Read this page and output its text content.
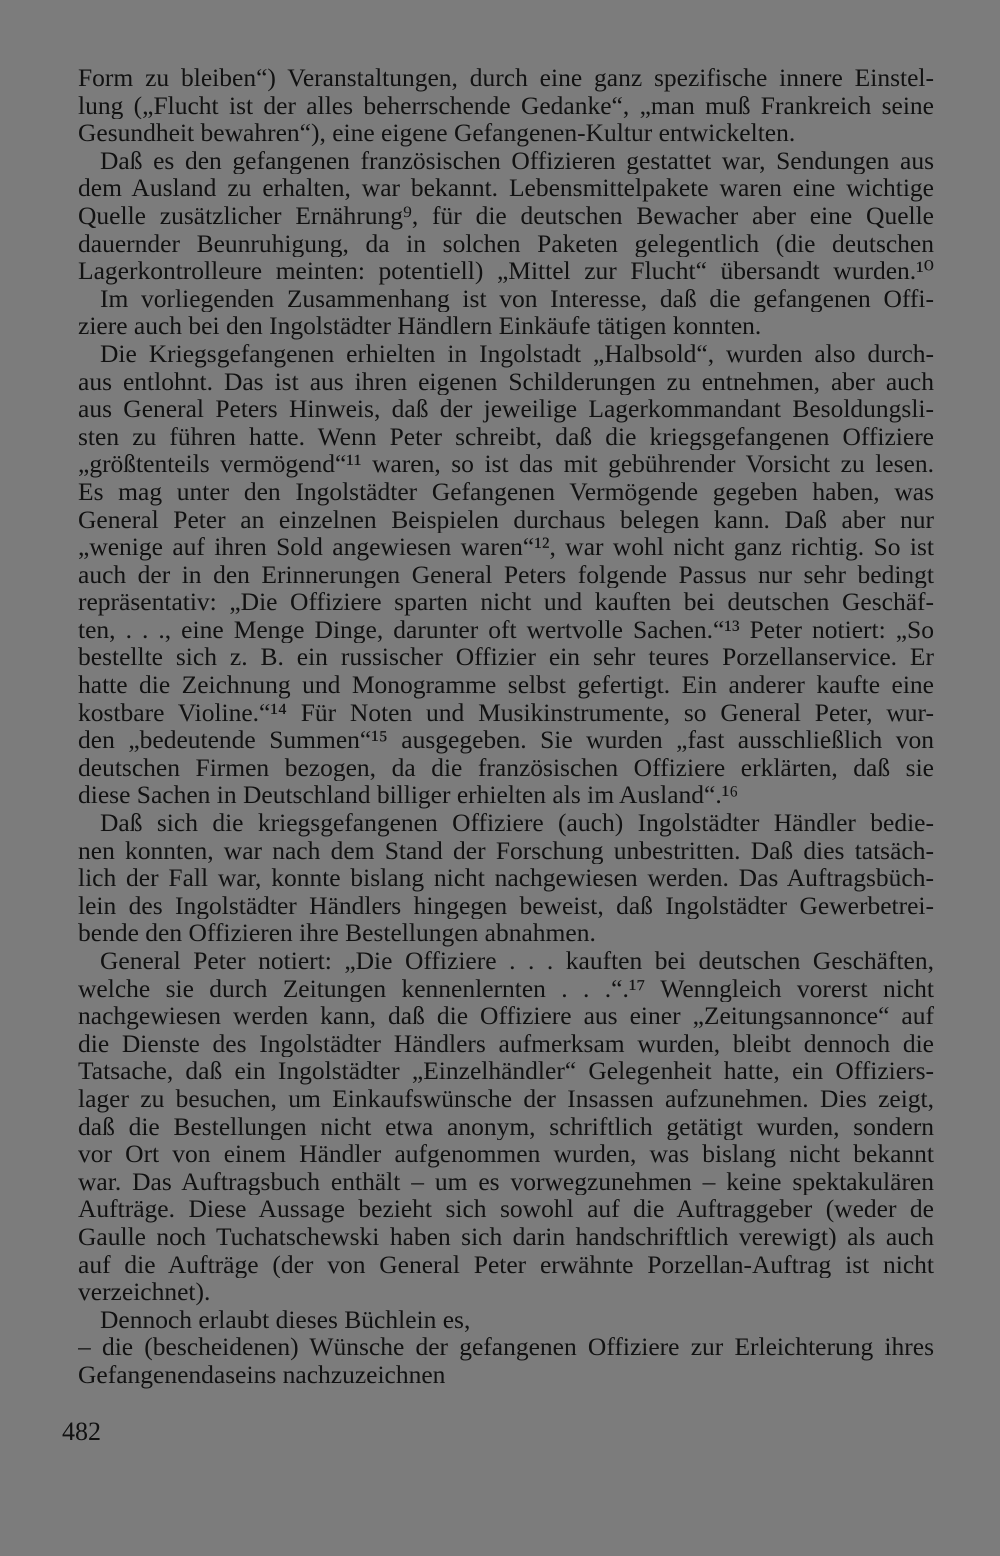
Form zu bleiben“) Veranstaltungen, durch eine ganz spezifische innere Einstel-
lung („Flucht ist der alles beherrschende Gedanke“, „man muß Frankreich seine
Gesundheit bewahren“), eine eigene Gefangenen-Kultur entwickelten.
Daß es den gefangenen französischen Offizieren gestattet war, Sendungen aus
dem Ausland zu erhalten, war bekannt. Lebensmittelpakete waren eine wichtige
Quelle zusätzlicher Ernährung⁹, für die deutschen Bewacher aber eine Quelle
dauernder Beunruhigung, da in solchen Paketen gelegentlich (die deutschen
Lagerkontrolleure meinten: potentiell) „Mittel zur Flucht“ übersandt wurden.¹⁰
Im vorliegenden Zusammenhang ist von Interesse, daß die gefangenen Offi-
ziere auch bei den Ingolstädter Händlern Einkäufe tätigen konnten.
Die Kriegsgefangenen erhielten in Ingolstadt „Halbsold“, wurden also durch-
aus entlohnt. Das ist aus ihren eigenen Schilderungen zu entnehmen, aber auch
aus General Peters Hinweis, daß der jeweilige Lagerkommandant Besoldungsli-
sten zu führen hatte. Wenn Peter schreibt, daß die kriegsgefangenen Offiziere
„größtenteils vermögend“¹¹ waren, so ist das mit gebührender Vorsicht zu lesen.
Es mag unter den Ingolstädter Gefangenen Vermögende gegeben haben, was
General Peter an einzelnen Beispielen durchaus belegen kann. Daß aber nur
„wenige auf ihren Sold angewiesen waren“¹², war wohl nicht ganz richtig. So ist
auch der in den Erinnerungen General Peters folgende Passus nur sehr bedingt
repräsentativ: „Die Offiziere sparten nicht und kauften bei deutschen Geschäf-
ten, . . ., eine Menge Dinge, darunter oft wertvolle Sachen.“¹³ Peter notiert: „So
bestellte sich z. B. ein russischer Offizier ein sehr teures Porzellanservice. Er
hatte die Zeichnung und Monogramme selbst gefertigt. Ein anderer kaufte eine
kostbare Violine.“¹⁴ Für Noten und Musikinstrumente, so General Peter, wur-
den „bedeutende Summen“¹⁵ ausgegeben. Sie wurden „fast ausschließlich von
deutschen Firmen bezogen, da die französischen Offiziere erklärten, daß sie
diese Sachen in Deutschland billiger erhielten als im Ausland“.¹⁶
Daß sich die kriegsgefangenen Offiziere (auch) Ingolstädter Händler bedie-
nen konnten, war nach dem Stand der Forschung unbestritten. Daß dies tatsäch-
lich der Fall war, konnte bislang nicht nachgewiesen werden. Das Auftragsbüch-
lein des Ingolstädter Händlers hingegen beweist, daß Ingolstädter Gewerbetrei-
bende den Offizieren ihre Bestellungen abnahmen.
General Peter notiert: „Die Offiziere . . . kauften bei deutschen Geschäften,
welche sie durch Zeitungen kennenlernten . . .“.¹⁷ Wenngleich vorerst nicht
nachgewiesen werden kann, daß die Offiziere aus einer „Zeitungsannonce“ auf
die Dienste des Ingolstädter Händlers aufmerksam wurden, bleibt dennoch die
Tatsache, daß ein Ingolstädter „Einzelhändler“ Gelegenheit hatte, ein Offiziers-
lager zu besuchen, um Einkaufswünsche der Insassen aufzunehmen. Dies zeigt,
daß die Bestellungen nicht etwa anonym, schriftlich getätigt wurden, sondern
vor Ort von einem Händler aufgenommen wurden, was bislang nicht bekannt
war. Das Auftragsbuch enthält – um es vorwegzunehmen – keine spektakulären
Aufträge. Diese Aussage bezieht sich sowohl auf die Auftraggeber (weder de
Gaulle noch Tuchatschewski haben sich darin handschriftlich verewigt) als auch
auf die Aufträge (der von General Peter erwähnte Porzellan-Auftrag ist nicht
verzeichnet).
Dennoch erlaubt dieses Büchlein es,
– die (bescheidenen) Wünsche der gefangenen Offiziere zur Erleichterung ihres
Gefangenendaseins nachzuzeichnen
482
